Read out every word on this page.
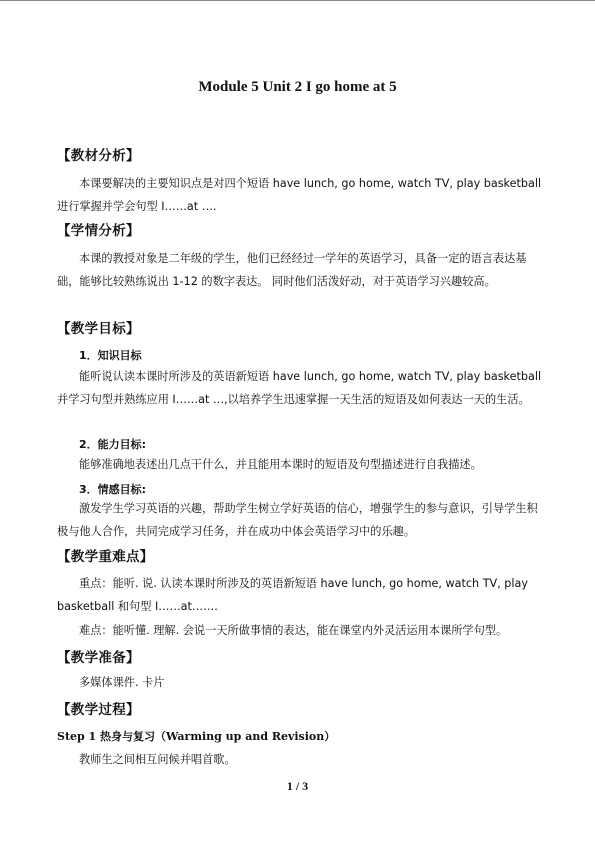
Module 5 Unit 2 I go home at 5
【教材分析】

本课要解决的主要知识点是对四个短语 have lunch, go home, watch TV, play basketball 进行掌握并学会句型 I……at ….

【学情分析】

本课的教授对象是二年级的学生，他们已经经过一学年的英语学习，具备一定的语言表达基础，能够比较熟练说出 1-12 的数字表达。 同时他们活泼好动，对于英语学习兴趣较高。

【教学目标】
1．知识目标

能听说认读本课时所涉及的英语新短语 have lunch, go home, watch TV, play basketball 并学习句型并熟练应用 I……at …,以培养学生迅速掌握一天生活的短语及如何表达一天的生活。

2．能力目标:
能够准确地表述出几点干什么，并且能用本课时的短语及句型描述进行自我描述。
3．情感目标:

激发学生学习英语的兴趣，帮助学生树立学好英语的信心，增强学生的参与意识，引导学生积极与他人合作，共同完成学习任务，并在成功中体会英语学习中的乐趣。

【教学重难点】

重点：能听. 说. 认读本课时所涉及的英语新短语 have lunch, go home, watch TV, play basketball 和句型 I……at…….

难点：能听懂. 理解. 会说一天所做事情的表达，能在课堂内外灵活运用本课所学句型。
【教学准备】
多媒体课件. 卡片
【教学过程】
Step 1 热身与复习（Warming up and Revision）
教师生之间相互问候并唱首歌。
1 / 3
